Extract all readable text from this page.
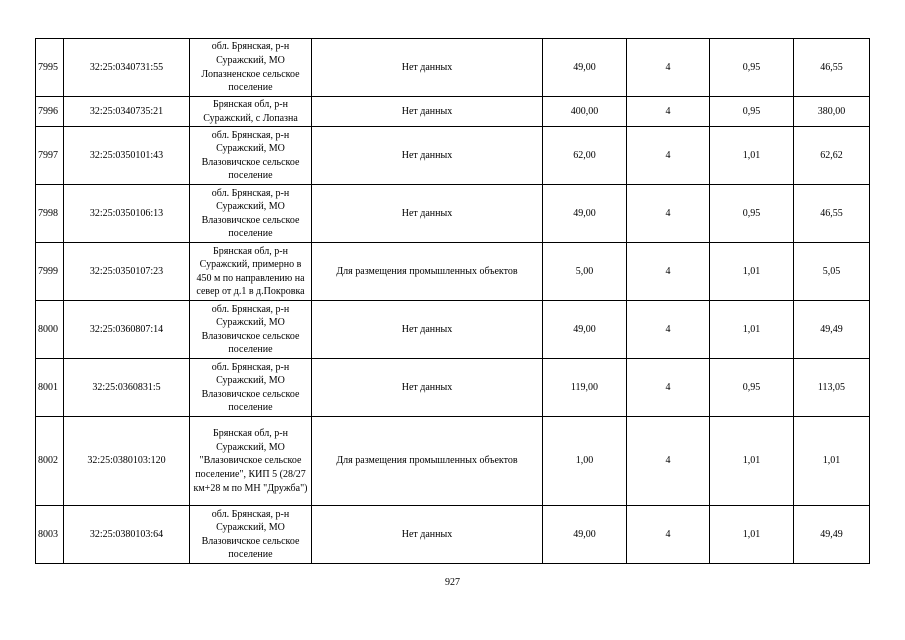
7995	32:25:0340731:55	обл. Брянская, р-н Суражский, МО Лопазненское сельское поселение	Нет данных	49,00	4	0,95	46,55
7996	32:25:0340735:21	Брянская обл, р-н Суражский, с Лопазна	Нет данных	400,00	4	0,95	380,00
7997	32:25:0350101:43	обл. Брянская, р-н Суражский, МО Влазовичское сельское поселение	Нет данных	62,00	4	1,01	62,62
7998	32:25:0350106:13	обл. Брянская, р-н Суражский, МО Влазовичское сельское поселение	Нет данных	49,00	4	0,95	46,55
7999	32:25:0350107:23	Брянская обл, р-н Суражский, примерно в 450 м по направлению на север от д.1 в д.Покровка	Для размещения промышленных объектов	5,00	4	1,01	5,05
8000	32:25:0360807:14	обл. Брянская, р-н Суражский, МО Влазовичское сельское поселение	Нет данных	49,00	4	1,01	49,49
8001	32:25:0360831:5	обл. Брянская, р-н Суражский, МО Влазовичское сельское поселение	Нет данных	119,00	4	0,95	113,05
8002	32:25:0380103:120	Брянская обл, р-н Суражский, МО "Влазовичское сельское поселение", КИП 5 (28/27 км+28 м по МН "Дружба")	Для размещения промышленных объектов	1,00	4	1,01	1,01
8003	32:25:0380103:64	обл. Брянская, р-н Суражский, МО Влазовичское сельское поселение	Нет данных	49,00	4	1,01	49,49
927
